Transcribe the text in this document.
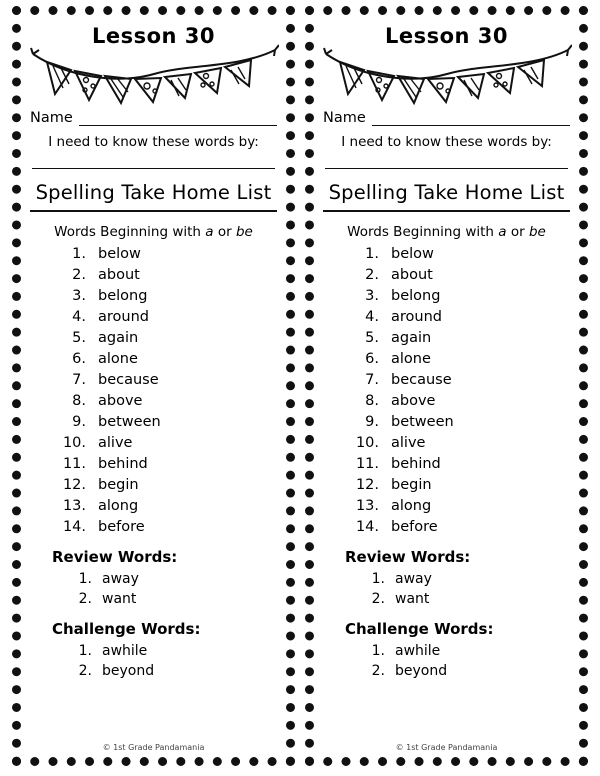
Lesson 30
Name
I need to know these words by:
Spelling Take Home List
Words Beginning with a or be
1. below
2. about
3. belong
4. around
5. again
6. alone
7. because
8. above
9. between
10. alive
11. behind
12. begin
13. along
14. before
Review Words:
1. away
2. want
Challenge Words:
1. awhile
2. beyond
© 1st Grade Pandamania
Lesson 30
Name
I need to know these words by:
Spelling Take Home List
Words Beginning with a or be
1. below
2. about
3. belong
4. around
5. again
6. alone
7. because
8. above
9. between
10. alive
11. behind
12. begin
13. along
14. before
Review Words:
1. away
2. want
Challenge Words:
1. awhile
2. beyond
© 1st Grade Pandamania
